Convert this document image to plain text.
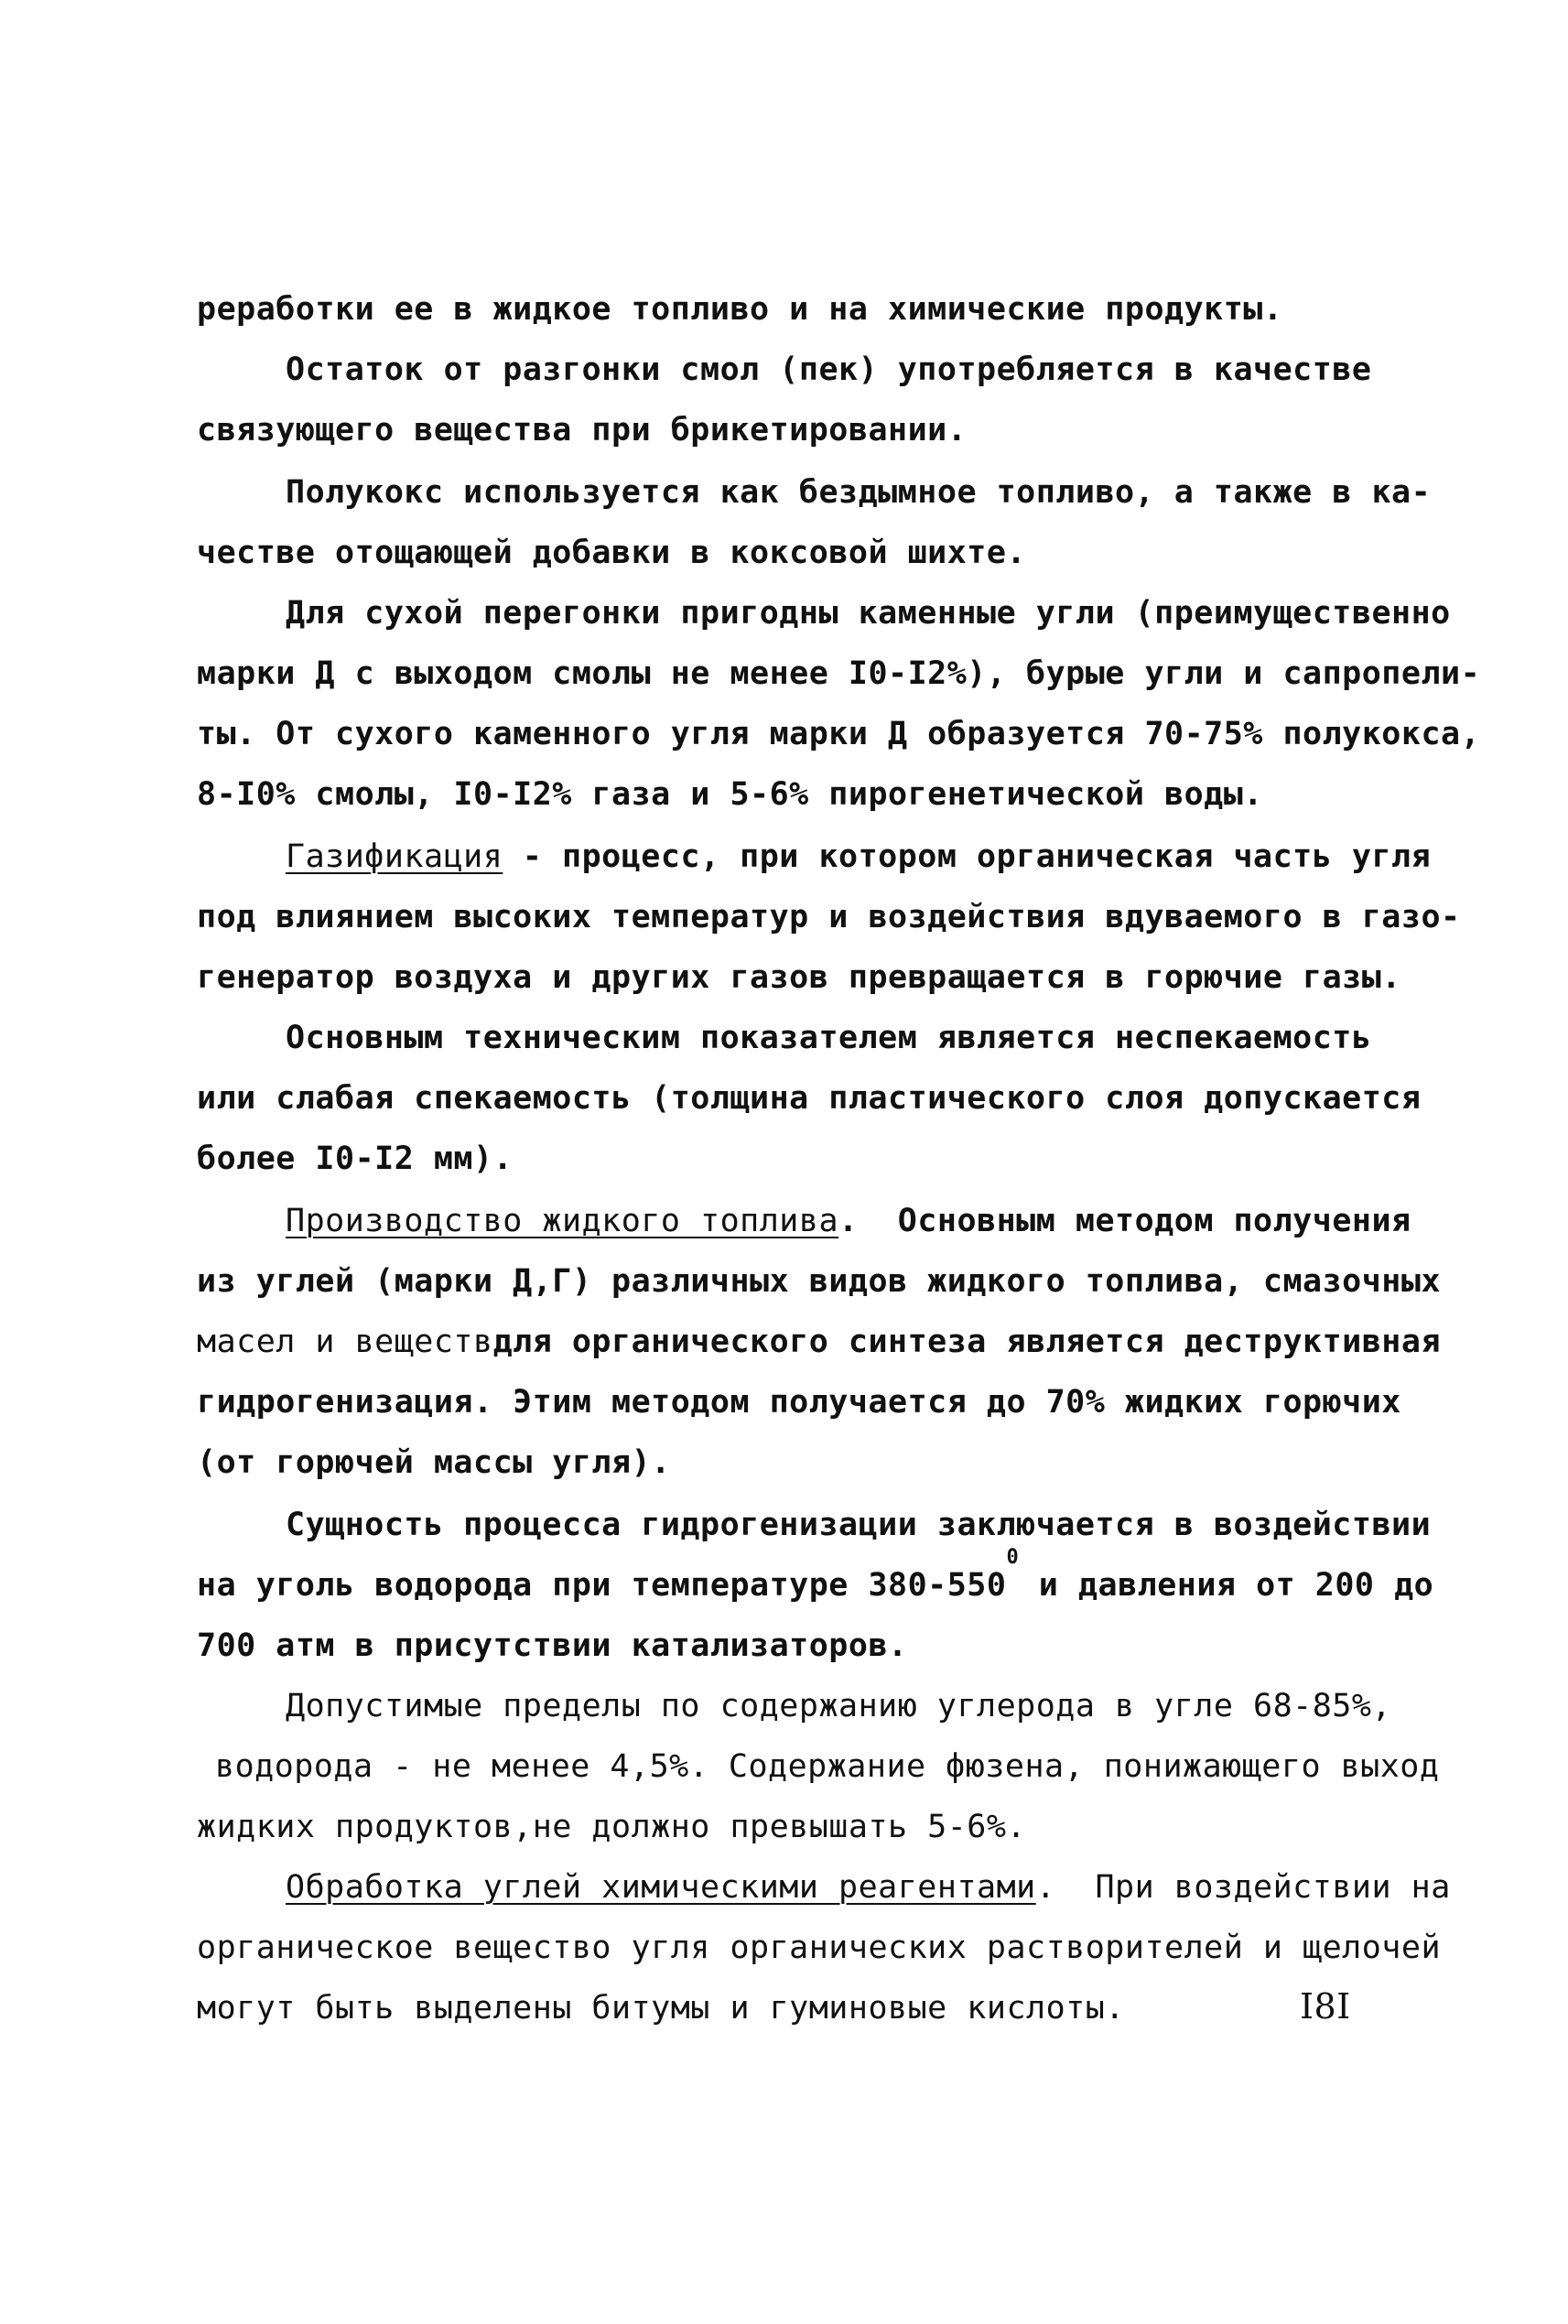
реработки ее в жидкое топливо и на химические продукты.
Остаток от разгонки смол (пек) употребляется в качестве
связующего вещества при брикетировании.
Полукокс используется как бездымное топливо, а также в ка-
честве отощающей добавки в коксовой шихте.
Для сухой перегонки пригодны каменные угли (преимущественно
марки Д с выходом смолы не менее I0-I2%), бурые угли и сапропели-
ты. От сухого каменного угля марки Д образуется 70-75% полукокса,
8-I0% смолы, I0-I2% газа и 5-6% пирогенетической воды.
Газификация - процесс, при котором органическая часть угля
под влиянием высоких температур и воздействия вдуваемого в газо-
генератор воздуха и других газов превращается в горючие газы.
Основным техническим показателем является неспекаемость
или слабая спекаемость (толщина пластического слоя допускается
более I0-I2 мм).
Производство жидкого топлива. Основным методом получения
из углей (марки Д,Г) различных видов жидкого топлива, смазочных
масел и веществдля органического синтеза является деструктивная
гидрогенизация. Этим методом получается до 70% жидких горючих
(от горючей массы угля).
Сущность процесса гидрогенизации заключается в воздействии
на уголь водорода при температуре $380-550^0$ и давления от 200 до
700 атм в присутствии катализаторов.
Допустимые пределы по содержанию углерода в угле 68-85%,
водорода - не менее 4,5%. Содержание фюзена, понижающего выход
жидких продуктов,не должно превышать 5-6%.
Обработка углей химическими реагентами. При воздействии на
органическое вещество угля органических растворителей и щелочей
могут быть выделены битумы и гуминовые кислоты.	I8I
